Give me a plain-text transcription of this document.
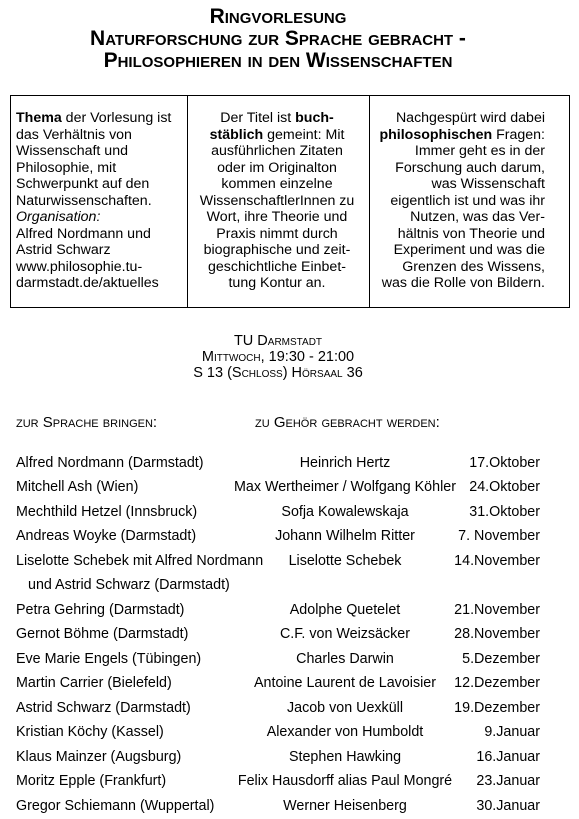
Ringvorlesung
Naturforschung zur Sprache gebracht -
Philosophieren in den Wissenschaften
Thema der Vorlesung ist
das Verhältnis von
Wissenschaft und
Philosophie, mit
Schwerpunkt auf den
Naturwissenschaften.
Organisation:
Alfred Nordmann und
Astrid Schwarz
www.philosophie.tu-
darmstadt.de/aktuelles
Der Titel ist buch-
stäblich gemeint: Mit
ausführlichen Zitaten
oder im Originalton
kommen einzelne
WissenschaftlerInnen zu
Wort, ihre Theorie und
Praxis nimmt durch
biographische und zeit-
geschichtliche Einbet-
tung Kontur an.
Nachgespürt wird dabei
philosophischen Fragen:
Immer geht es in der
Forschung auch darum,
was Wissenschaft
eigentlich ist und was ihr
Nutzen, was das Ver-
hältnis von Theorie und
Experiment und was die
Grenzen des Wissens,
was die Rolle von Bildern.
TU Darmstadt
Mittwoch, 19:30 - 21:00
S 13 (Schloss) Hörsaal 36
zur Sprache bringen:	zu Gehör gebracht werden:
Alfred Nordmann (Darmstadt)	Heinrich Hertz	17.Oktober
Mitchell Ash (Wien)	Max Wertheimer / Wolfgang Köhler 24.Oktober
Mechthild Hetzel (Innsbruck)	Sofja Kowalewskaja	31.Oktober
Andreas Woyke (Darmstadt)	Johann Wilhelm Ritter	7. November
Liselotte Schebek mit Alfred Nordmann	Liselotte Schebek	14.November
und Astrid Schwarz (Darmstadt)
Petra Gehring (Darmstadt)	Adolphe Quetelet	21.November
Gernot Böhme (Darmstadt)	C.F. von Weizsäcker	28.November
Eve Marie Engels (Tübingen)	Charles Darwin	5.Dezember
Martin Carrier (Bielefeld)	Antoine Laurent de Lavoisier	12.Dezember
Astrid Schwarz (Darmstadt)	Jacob von Uexküll	19.Dezember
Kristian Köchy (Kassel)	Alexander von Humboldt	9.Januar
Klaus Mainzer (Augsburg)	Stephen Hawking	16.Januar
Moritz Epple (Frankfurt)	Felix Hausdorff alias Paul Mongré	23.Januar
Gregor Schiemann (Wuppertal)	Werner Heisenberg	30.Januar
